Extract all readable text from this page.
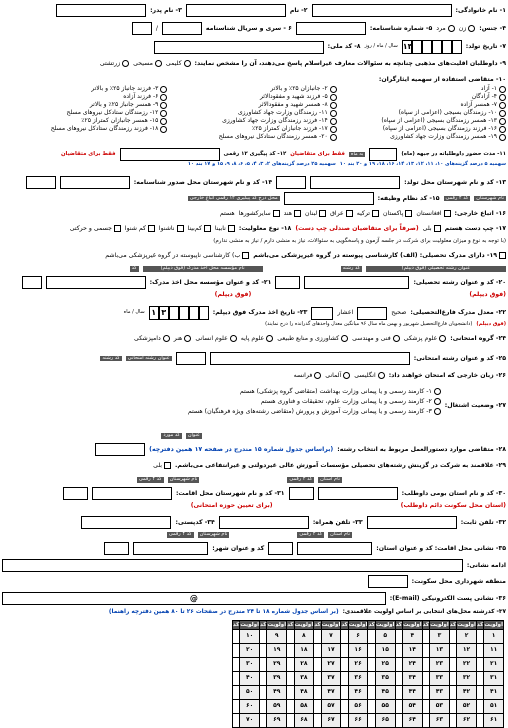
۱- نام خانوادگی:
۲- نام
۳- نام پدر:
۴- جنس:
زن
مرد
۵- شماره شناسنامه:
۶ - سری و سریال شناسنامه
/
۷- تاریخ تولد:
۱۳
سال / ماه / روز
۸- کد ملی:
۹- داوطلبان اقلیت‌های مذهبی چنانچه به سئوالات معارف غیراسلام پاسخ می‌دهند، آن را مشخص نمایند:
کلیمی
مسیحی
زرتشتی
۱۰- متقاضی استفاده از سهمیه ایثارگران:
۱- آزاد
۲- جانبازان ۲۵٪ و بالاتر
۳- فرزند جانباز ۲۵٪ و بالاتر
۴- آزادگان
۵- فرزند شهید و مفقودالاثر
۶- فرزند آزاده
۷- همسر آزاده
۸- همسر شهید و مفقودالاثر
۹- همسر جانباز ۲۵٪ و بالاتر
۱۰- رزمندگان بسیجی (اعزامی از سپاه)
۱۱- رزمندگان وزارت جهاد کشاورزی
۱۲- رزمندگان ستادکل نیروهای مسلح
۱۳- همسر رزمندگان بسیجی (اعزامی از سپاه)
۱۴- فرزند رزمندگان وزارت جهاد کشاورزی
۱۵- همسر جانبازان کمتراز ۲۵٪
۱۶- فرزند رزمندگان بسیجی (اعزامی از سپاه)
۱۷- فرزند جانبازان کمتراز ۲۵٪
۱۸- فرزند رزمندگان ستادکل نیروهای مسلح
۱۹- همسر رزمندگان وزارت جهاد کشاورزی
۲۰- همسر رزمندگان ستادکل نیروهای مسلح
۱۱- مدت حضور داوطلبانه در جبهه (ماه)
به ماه
فقط برای متقاضیان
۱۲- کد پیگیری ۱۲ رقمی
فقط برای متقاضیان
سهمیه ۵ درصد گزینه‌های ۱۰، ۱۱، ۱۲، ۱۳، ۱۴، ۱۶، ۱۸، ۱۹ و ۲۰ بند ۱۰
سهمیه ۲۵ درصد گزینه‌های ۲، ۳، ۴، ۵، ۶، ۸، ۹، ۱۵ و ۱۷ بند ۱۰
۱۳- کد و نام شهرستان محل تولد:
۱۴- کد و نام شهرستان محل صدور شناسنامه:
نام شهرستان
کد ۴ رقمی
۱۵- کد نظام وظیفه:
محل درج کد پیگیری ۱۲ رقمی اتباع خارجی
۱۶- اتباع خارجی:
افغانستان
پاکستان
ترکیه
عراق
لبنان
هند
سایرکشورها
هستم
۱۷- چپ دست هستم
بلی
(صرفاً برای متقاضیان صندلی چپ دست)
۱۸- نوع معلولیت:
نابینا
کم‌بینا
ناشنوا
کم شنوا
جسمی و حرکتی
(با توجه به نوع و میزان معلولیت برای شرکت در جلسه آزمون و پاسخگویی به سئوالات، نیاز به منشی دارم / نیاز به منشی ندارم)
۱۹- دارای مدرک تحصیلی: (الف) کارشناسی پیوسته در گروه غیرپزشکی می‌باشم
ب) کارشناسی ناپیوسته در گروه غیرپزشکی می‌باشم
عنوان رشته تحصیلی (فوق دیپلم)
کد رشته
نام مؤسسه محل اخذ مدرک (فوق دیپلم)
کد
۲۰- کد و عنوان رشته تحصیلی:
۲۱- کد و عنوان مؤسسه محل اخذ مدرک:
(فوق دیپلم)
(فوق دیپلم)
۲۲- معدل مدرک فارغ‌التحصیلی:
صحیح
اعشار
۲۳- تاریخ اخذ مدرک فوق دیپلم:
۱ ۳
سال / ماه
(فوق دیپلم)
(دانشجویان فارغ‌التحصیل شهریور و بهمن ماه سال ۹۶ میانگین معدل واحدهای گذرانده را درج نمایند)
۲۴- گروه امتحانی:
علوم پزشکی
فنی و مهندسی
کشاورزی و منابع طبیعی
علوم پایه
علوم انسانی
هنر
دامپزشکی
۲۵- کد و عنوان رشته امتحانی:
عنوان رشته امتحانی
کد رشته
۲۶- زبان خارجی که امتحان خواهند داد:
انگلیسی
آلمانی
فرانسه
۲۷- وضعیت اشتغال:
۱- کارمند رسمی و یا پیمانی وزارت بهداشت (متقاضی گروه پزشکی) هستم
۲- کارمند رسمی و یا پیمانی وزارت علوم، تحقیقات و فناوری هستم
۳- کارمند رسمی و یا پیمانی وزارت آموزش و پرورش (متقاضی رشته‌های ویژه فرهنگیان) هستم
عنوان
کد مورد
۲۸- متقاضی موارد دستورالعمل مربوط به انتخاب رشته:
(براساس جدول شماره ۱۵ مندرج در صفحه ۱۷ همین دفترچه)
۲۹- علاقمند به شرکت در گزینش رشته‌های تحصیلی مؤسسات آموزش عالی غیردولتی و غیرانتفاعی می‌باشم.
بلی
نام استان
کد ۴ رقمی
نام شهرستان
کد ۴ رقمی
۳۰- کد و نام استان بومی داوطلب:
۳۱- کد و نام شهرستان محل اقامت:
(استان محل سکونت دائم داوطلب)
(برای تعیین حوزه امتحانی)
۳۲- تلفن ثابت:
۳۳- تلفن همراه:
۳۴- کدپستی:
نام استان
کد ۴ رقمی
نام شهرستان
کد ۴ رقمی
۳۵- نشانی محل اقامت: کد و عنوان استان:
کد و عنوان شهر:
ادامه نشانی:
منطقه شهرداری محل سکونت:
۳۶- نشانی پست الکترونیکی (E-mail):
@
۳۷- کدرشته محل‌های انتخابی بر اساس اولویت علاقمندی:
(بر اساس جدول شماره ۱۸ تا ۲۴ مندرج در صفحات ۲۶ تا ۸۰ همین دفترچه راهنما)
اولویت	کد	اولویت	کد	اولویت	کد	اولویت	کد	اولویت	کد	اولویت	کد	اولویت	کد	اولویت	کد	اولویت	کد	اولویت	کد
۱		۲		۳		۴		۵		۶		۷		۸		۹		۱۰	
۱۱		۱۲		۱۳		۱۴		۱۵		۱۶		۱۷		۱۸		۱۹		۲۰	
۲۱		۲۲		۲۳		۲۴		۲۵		۲۶		۲۷		۲۸		۲۹		۳۰	
۳۱		۳۲		۳۳		۳۴		۳۵		۳۶		۳۷		۳۸		۳۹		۴۰	
۴۱		۴۲		۴۳		۴۴		۴۵		۴۶		۴۷		۴۸		۴۹		۵۰	
۵۱		۵۲		۵۳		۵۴		۵۵		۵۶		۵۷		۵۸		۵۹		۶۰	
۶۱		۶۲		۶۳		۶۴		۶۵		۶۶		۶۷		۶۸		۶۹		۷۰	
